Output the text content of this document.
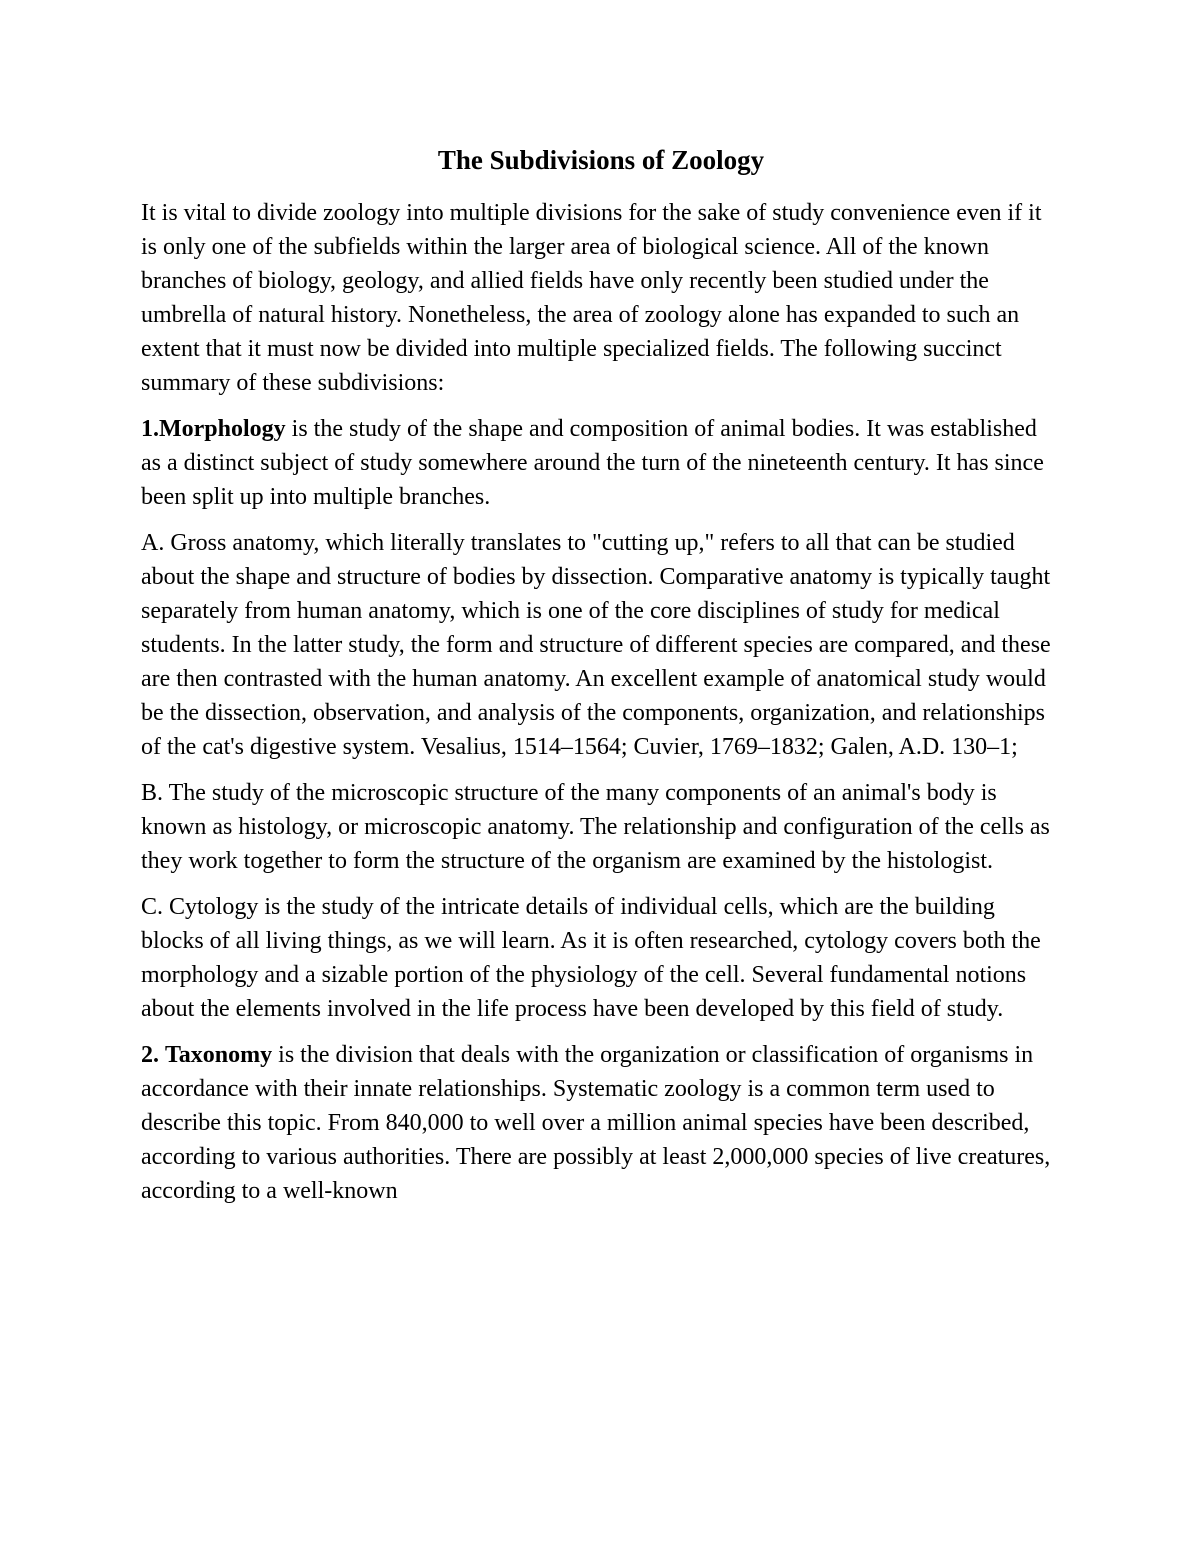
The Subdivisions of Zoology

It is vital to divide zoology into multiple divisions for the sake of study convenience even if it is only one of the subfields within the larger area of biological science. All of the known branches of biology, geology, and allied fields have only recently been studied under the umbrella of natural history. Nonetheless, the area of zoology alone has expanded to such an extent that it must now be divided into multiple specialized fields. The following succinct summary of these subdivisions:

1.Morphology is the study of the shape and composition of animal bodies. It was established as a distinct subject of study somewhere around the turn of the nineteenth century. It has since been split up into multiple branches.

A. Gross anatomy, which literally translates to "cutting up," refers to all that can be studied about the shape and structure of bodies by dissection. Comparative anatomy is typically taught separately from human anatomy, which is one of the core disciplines of study for medical students. In the latter study, the form and structure of different species are compared, and these are then contrasted with the human anatomy. An excellent example of anatomical study would be the dissection, observation, and analysis of the components, organization, and relationships of the cat's digestive system. Vesalius, 1514–1564; Cuvier, 1769–1832; Galen, A.D. 130–1;

B. The study of the microscopic structure of the many components of an animal's body is known as histology, or microscopic anatomy. The relationship and configuration of the cells as they work together to form the structure of the organism are examined by the histologist.

C. Cytology is the study of the intricate details of individual cells, which are the building blocks of all living things, as we will learn. As it is often researched, cytology covers both the morphology and a sizable portion of the physiology of the cell. Several fundamental notions about the elements involved in the life process have been developed by this field of study.

2. Taxonomy is the division that deals with the organization or classification of organisms in accordance with their innate relationships. Systematic zoology is a common term used to describe this topic. From 840,000 to well over a million animal species have been described, according to various authorities. There are possibly at least 2,000,000 species of live creatures, according to a well-known
